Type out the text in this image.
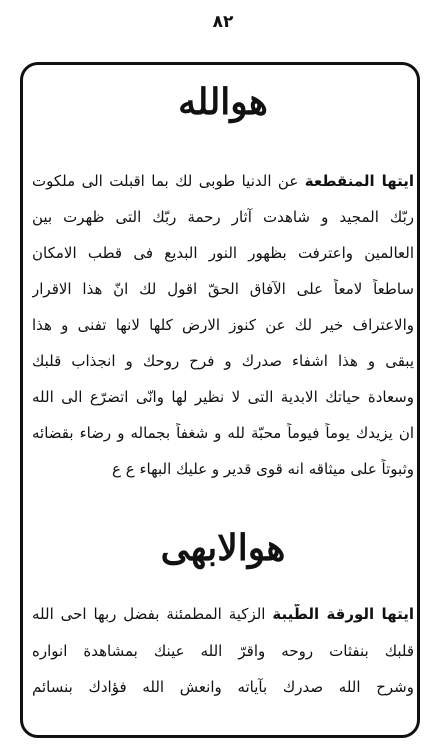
۸۲
هوالله
ایتها المنقطعة عن الدنیا طوبی لك بما اقبلت الی ملکوت
ربّك المجید و شاهدت آثار رحمة ربّك التی ظهرت بین
العالمین واعترفت بظهور النور البدیع فی قطب الامکان
ساطعاً لامعاً علی الآفاق الحقّ اقول لك انّ هذا الاقرار
والاعتراف خیر لك عن کنوز الارض کلها لانها تفنی و هذا
یبقی و هذا اشفاء صدرك و فرح روحك و انجذاب قلبك
وسعادة حیاتك الابدیة التی لا نظیر لها وانّی اتضرّع الی الله
ان یزیدك یوماً فیوماً محبّة لله و شغفاً بجماله و رضاء بقضائه
وثبوتاً علی میثاقه انه قوی قدیر و علیك البهاء ع ع
هوالابهی
ایتها الورقة الطّیبة الزکیة المطمئنة بفضل ربها احی الله
قلبك بنفثات روحه واقرّ الله عینك بمشاهدة انواره
وشرح الله صدرك بآیاته وانعش الله فؤادك بنسائم
